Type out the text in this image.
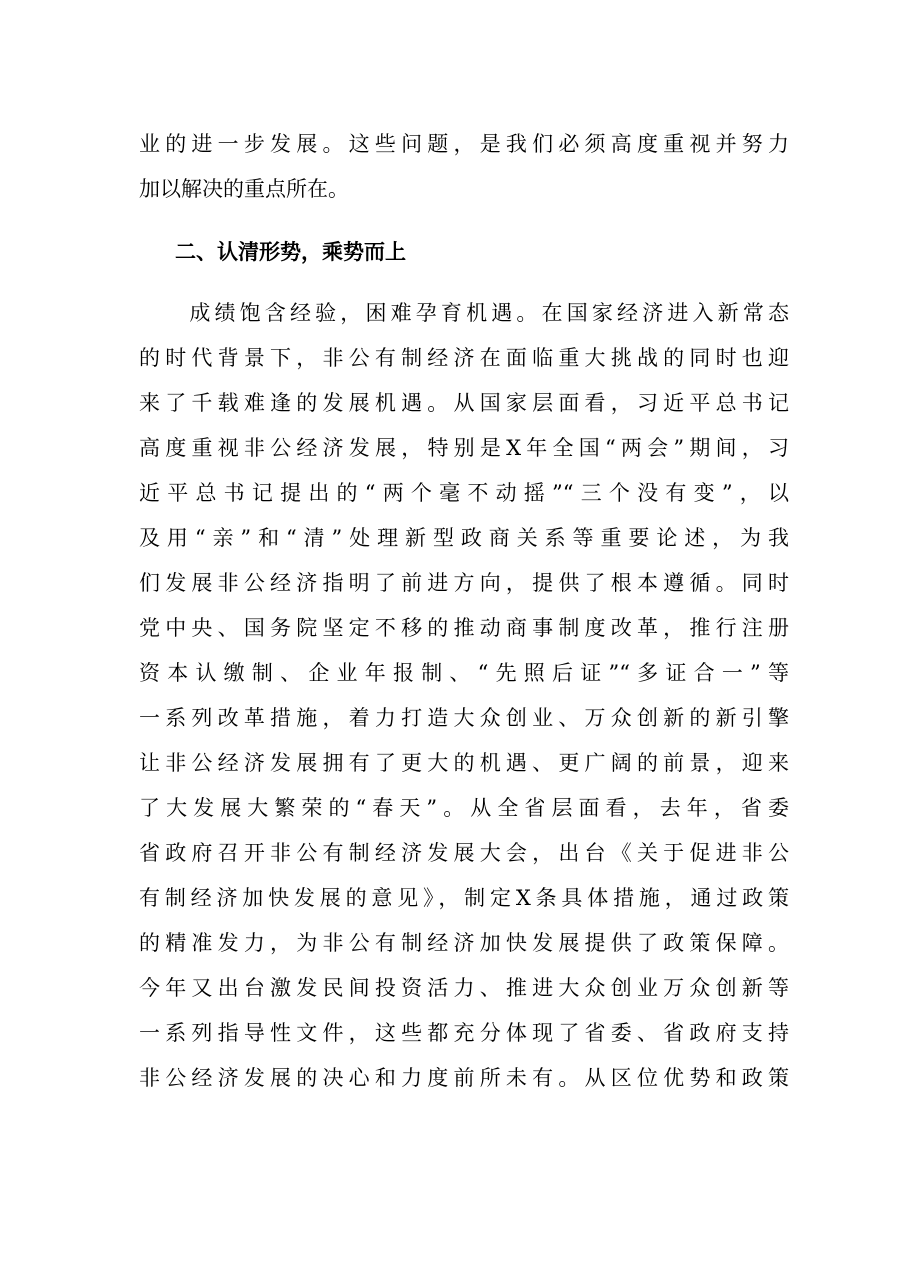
业的进一步发展。这些问题，是我们必须高度重视并努力
加以解决的重点所在。
二、认清形势，乘势而上
　　成绩饱含经验，困难孕育机遇。在国家经济进入新常态
的时代背景下，非公有制经济在面临重大挑战的同时也迎
来了千载难逢的发展机遇。从国家层面看，习近平总书记
高度重视非公经济发展，特别是X年全国“两会”期间，习
近平总书记提出的“两个毫不动摇”“三个没有变”，以
及用“亲”和“清”处理新型政商关系等重要论述，为我
们发展非公经济指明了前进方向，提供了根本遵循。同时
党中央、国务院坚定不移的推动商事制度改革，推行注册
资本认缴制、企业年报制、“先照后证”“多证合一”等
一系列改革措施，着力打造大众创业、万众创新的新引擎
让非公经济发展拥有了更大的机遇、更广阔的前景，迎来
了大发展大繁荣的“春天”。从全省层面看，去年，省委
省政府召开非公有制经济发展大会，出台《关于促进非公
有制经济加快发展的意见》，制定X条具体措施，通过政策
的精准发力，为非公有制经济加快发展提供了政策保障。
今年又出台激发民间投资活力、推进大众创业万众创新等
一系列指导性文件，这些都充分体现了省委、省政府支持
非公经济发展的决心和力度前所未有。从区位优势和政策
